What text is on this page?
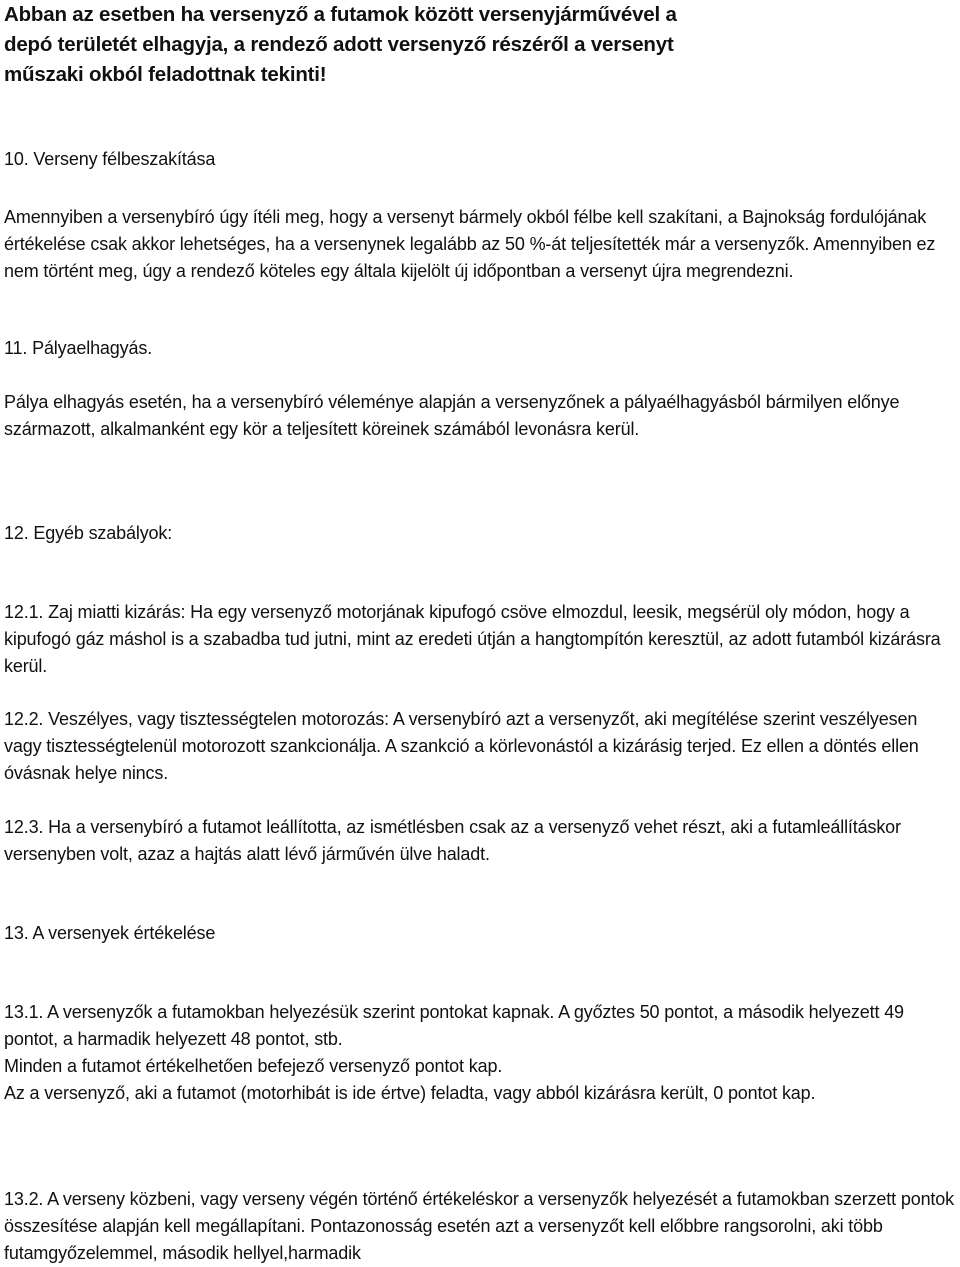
Abban az esetben ha versenyző a futamok között versenyjárművével a depó területét elhagyja, a rendező adott versenyző részéről a versenyt műszaki okból feladottnak tekinti!

10. Verseny félbeszakítása

Amennyiben a versenybíró úgy ítéli meg, hogy a versenyt bármely okból félbe kell szakítani, a Bajnokság fordulójának értékelése csak akkor lehetséges, ha a versenynek legalább az 50 %-át teljesítették már a versenyzők. Amennyiben ez nem történt meg, úgy a rendező köteles egy általa kijelölt új időpontban a versenyt újra megrendezni.

11. Pályaelhagyás.

Pálya elhagyás esetén, ha a versenybíró véleménye alapján a versenyzőnek a pályaélhagyásból bármilyen előnye származott, alkalmanként egy kör a teljesített köreinek számából levonásra kerül.

12. Egyéb szabályok:

12.1. Zaj miatti kizárás: Ha egy versenyző motorjának kipufogó csöve elmozdul, leesik, megsérül oly módon, hogy a kipufogó gáz máshol is a szabadba tud jutni, mint az eredeti útján a hangtompítón keresztül, az adott futamból kizárásra kerül.

12.2. Veszélyes, vagy tisztességtelen motorozás: A versenybíró azt a versenyzőt, aki megítélése szerint veszélyesen vagy tisztességtelenül motorozott szankcionálja. A szankció a körlevonástól a kizárásig terjed. Ez ellen a döntés ellen óvásnak helye nincs.

12.3. Ha a versenybíró a futamot leállította, az ismétlésben csak az a versenyző vehet részt, aki a futamleállításkor versenyben volt, azaz a hajtás alatt lévő járművén ülve haladt.

13. A versenyek értékelése

13.1. A versenyzők a futamokban helyezésük szerint pontokat kapnak. A győztes 50 pontot, a második helyezett 49 pontot, a harmadik helyezett 48 pontot, stb.

Minden a futamot értékelhetően befejező versenyző pontot kap.

Az a versenyző, aki a futamot (motorhibát is ide értve) feladta, vagy abból kizárásra került, 0 pontot kap.

13.2. A verseny közbeni, vagy verseny végén történő értékeléskor a versenyzők helyezését a futamokban szerzett pontok összesítése alapján kell megállapítani. Pontazonosság esetén azt a versenyzőt kell előbbre rangsorolni, aki több futamgyőzelemmel, második hellyel,harmadik
